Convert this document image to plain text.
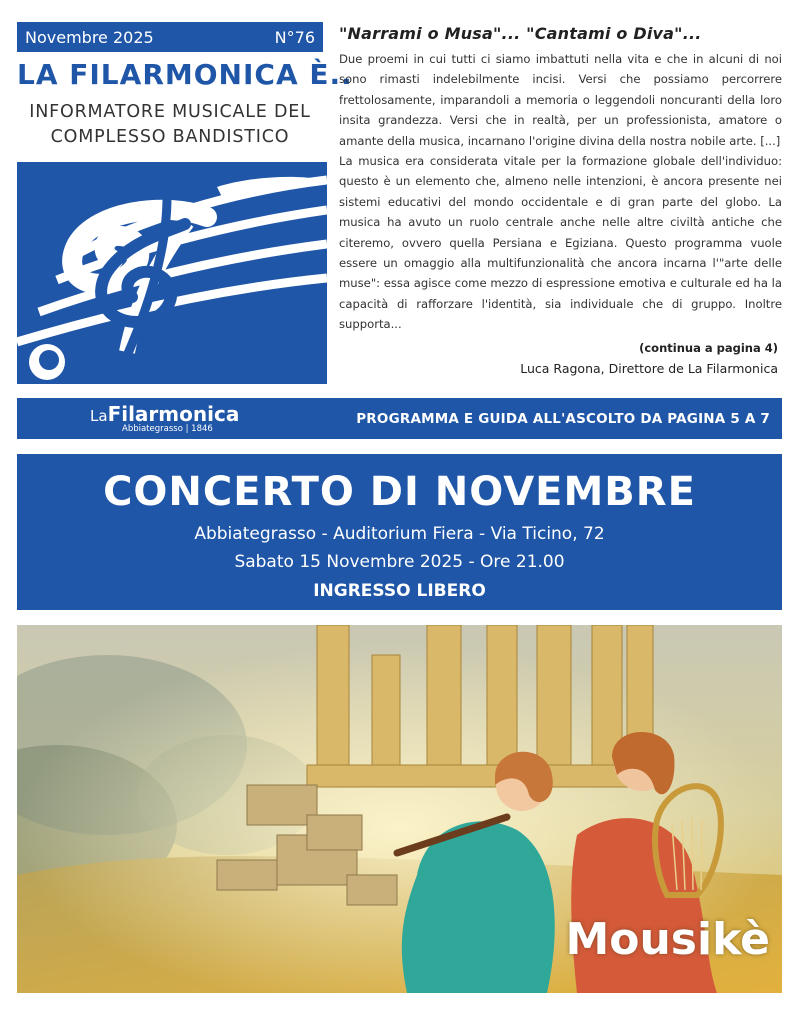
Novembre 2025	N°76
LA FILARMONICA È..
INFORMATORE MUSICALE DEL
COMPLESSO BANDISTICO
"Narrami o Musa"... "Cantami o Diva"...

Due proemi in cui tutti ci siamo imbattuti nella vita e che in alcuni di noi sono rimasti indelebilmente incisi. Versi che possiamo percorrere frettolosamente, imparandoli a memoria o leggendoli noncuranti della loro insita grandezza. Versi che in realtà, per un professionista, amatore o amante della musica, incarnano l'origine divina della nostra nobile arte. [...]

La musica era considerata vitale per la formazione globale dell'individuo: questo è un elemento che, almeno nelle intenzioni, è ancora presente nei sistemi educativi del mondo occidentale e di gran parte del globo. La musica ha avuto un ruolo centrale anche nelle altre civiltà antiche che citeremo, ovvero quella Persiana e Egiziana. Questo programma vuole essere un omaggio alla multifunzionalità che ancora incarna l'"arte delle muse": essa agisce come mezzo di espressione emotiva e culturale ed ha la capacità di rafforzare l'identità, sia individuale che di gruppo. Inoltre supporta...

(continua a pagina 4)
Luca Ragona, Direttore de La Filarmonica
LaFilarmonica
Abbiategrasso | 1846
PROGRAMMA E GUIDA ALL'ASCOLTO DA PAGINA 5 A 7
CONCERTO DI NOVEMBRE
Abbiategrasso - Auditorium Fiera - Via Ticino, 72
Sabato 15 Novembre 2025 - Ore 21.00
INGRESSO LIBERO
Mousikè
